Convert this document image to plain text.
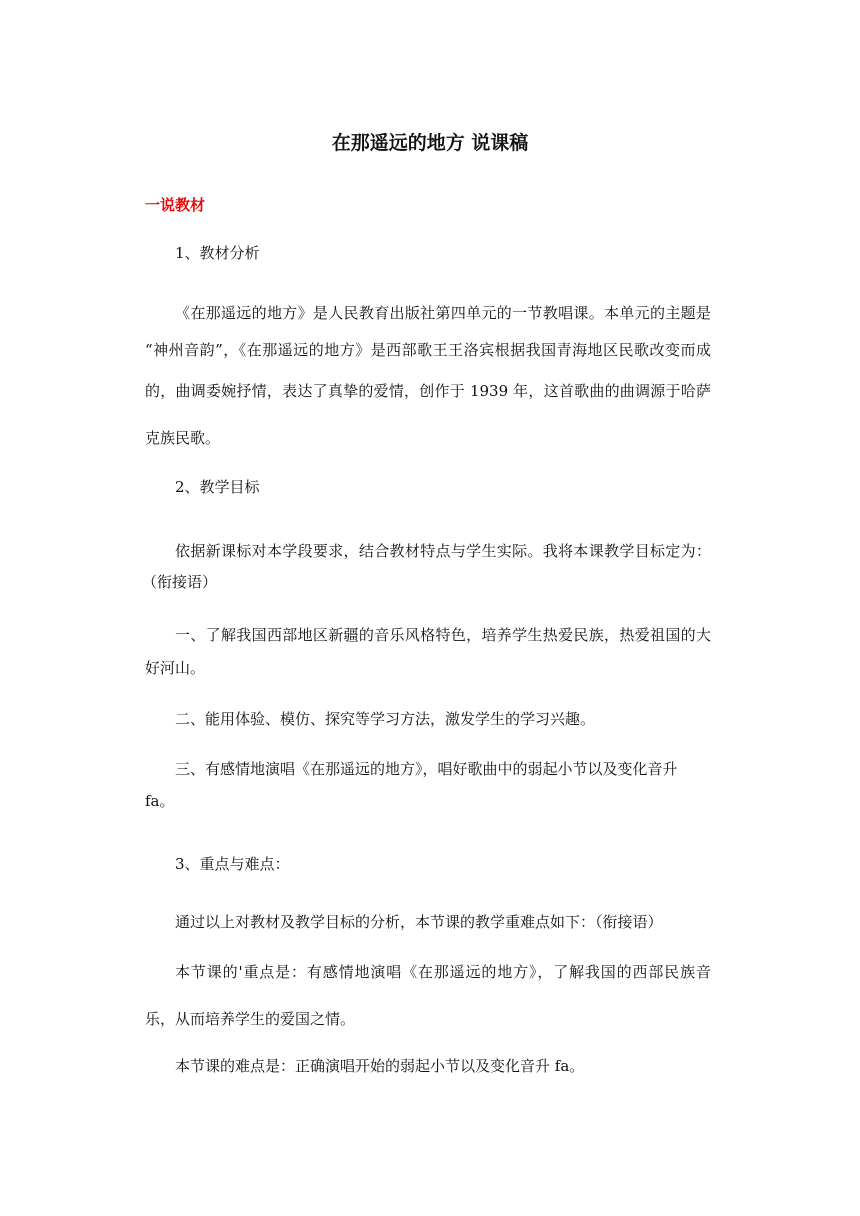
在那遥远的地方 说课稿

一说教材

1、教材分析

《在那遥远的地方》是人民教育出版社第四单元的一节教唱课。本单元的主题是

“神州音韵”，《在那遥远的地方》是西部歌王王洛宾根据我国青海地区民歌改变而成

的，曲调委婉抒情，表达了真挚的爱情，创作于 1939 年，这首歌曲的曲调源于哈萨

克族民歌。

2、教学目标

依据新课标对本学段要求，结合教材特点与学生实际。我将本课教学目标定为：

（衔接语）

一、了解我国西部地区新疆的音乐风格特色，培养学生热爱民族，热爱祖国的大

好河山。

二、能用体验、模仿、探究等学习方法，激发学生的学习兴趣。

三、有感情地演唱《在那遥远的地方》，唱好歌曲中的弱起小节以及变化音升

fa。

3、重点与难点：

通过以上对教材及教学目标的分析，本节课的教学重难点如下：（衔接语）

本节课的'重点是：有感情地演唱《在那遥远的地方》，了解我国的西部民族音

乐，从而培养学生的爱国之情。

本节课的难点是：正确演唱开始的弱起小节以及变化音升 fa。
